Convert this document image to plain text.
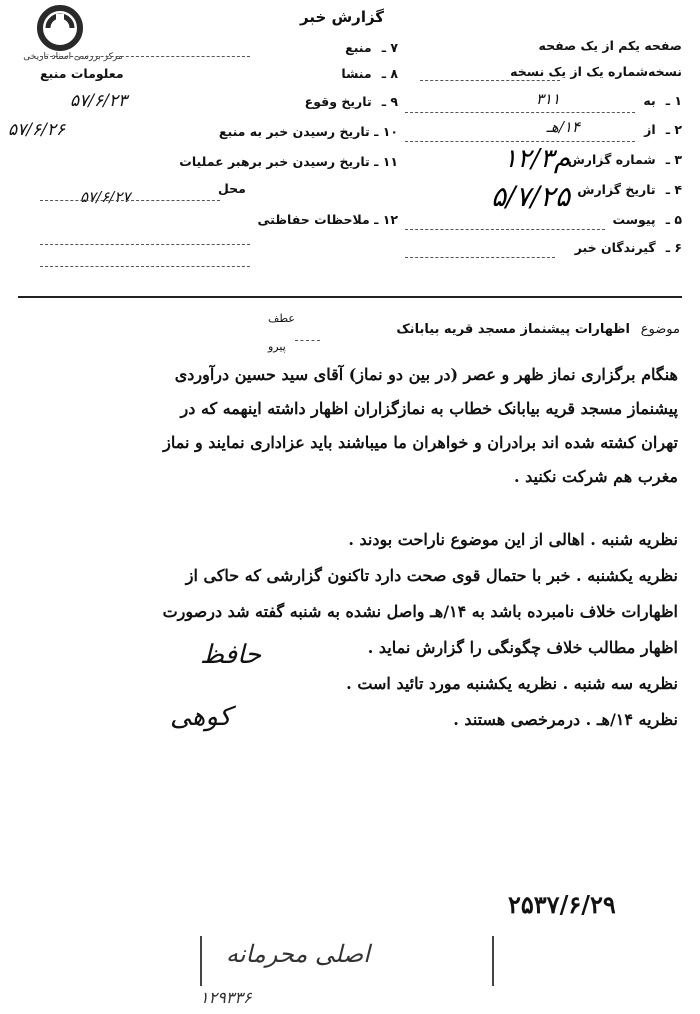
مرکز بررسی اسناد تاریخی
گزارش خبر
صفحه یکم از یک صفحه
نسخه‌شماره یک از یک نسخه
۱ ـ به
۳۱۱
۲ ـ از
۱۴/هـ
۳ ـ شماره گزارش
۱۲/م۳
۴ ـ تاریخ گزارش
۵/۷/۲۵
۵ ـ پیوست
۶ ـ گیرندگان خبر
۷ ـ منبع
۸ ـ منشا
معلومات منبع
۹ ـ تاریخ وقوع
۵۷/۶/۲۳
۱۰ ـ تاریخ رسیدن خبر به منبع
۵۷/۶/۲۶
۱۱ ـ تاریخ رسیدن خبر برهبر عملیات
محل
۵۷/۶/۲۷
۱۲ ـ ملاحظات حفاظتی
موضوع
اظهارات پیشنماز مسجد قریه بیابانک
عطف
پیرو
هنگام برگزاری نماز ظهر و عصر (در بین دو نماز) آقای سید حسین درآوردی
پیشنماز مسجد قریه بیابانک خطاب به نمازگزاران اظهار داشته اینهمه که در
تهران کشته شده اند برادران و خواهران ما میباشند باید عزاداری نمایند و نماز
مغرب هم شرکت نکنید .
نظریه شنبه . اهالی از این موضوع ناراحت بودند .
نظریه یکشنبه . خبر با حتمال قوی صحت دارد تاکنون گزارشی که حاکی از
اظهارات خلاف نامبرده باشد به ۱۴/هـ واصل نشده به شنبه گفته شد درصورت
اظهار مطالب خلاف چگونگی را گزارش نماید .
نظریه سه شنبه . نظریه یکشنبه مورد تائید است .
نظریه ۱۴/هـ . درمرخصی هستند .
حافظ
کوهی
۲۵۳۷/۶/۲۹
اصلی محرمانه
۱۲۹۳۳۶
